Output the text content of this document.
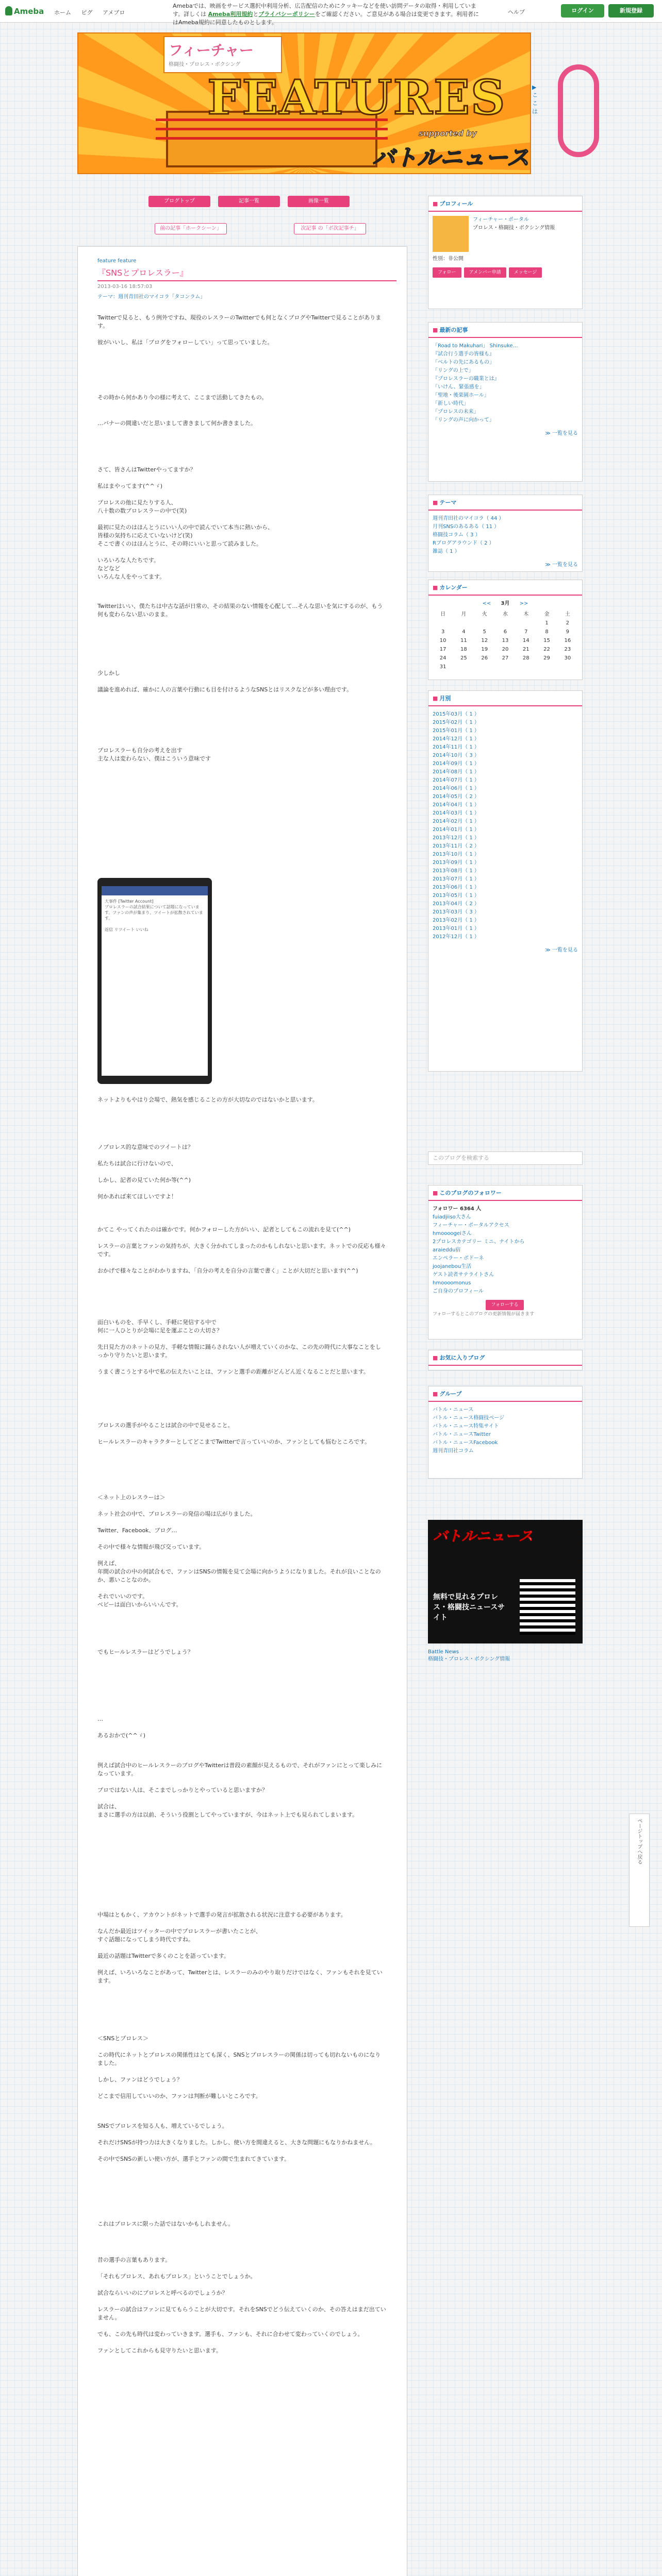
Ameba ホーム ピグ アメブロ
Amebaでは、映画をサービス選択中利用分析、広告配信のためにクッキーなどを使い訪問データの取得・利用しています。詳しくは Ameba利用規約とプライバシーポリシーをご確認ください。ご意見がある場合は変更できます。利用者にはAmeba規約に同意したものとします。
ヘルプ	ログイン	新規登録
フィーチャー
格闘技・プロレス・ボクシング
FEATURES
supported by
バトルニュース
▶ ここは
ブログトップ	記事一覧	画像一覧
前の記事「ホークシーン」	次記事 の「ボ次記事チ」
feature feature
『SNSとプロレスラー』
2013-03-16 18:57:03
テーマ：週刊青田社のマイコラ「タコンラム」
Twitterで見ると、もう例外ですね、現役のレスラーのTwitterでも何となくブログやTwitterで見ることがあります。

彼がいいし、私は「ブログをフォローしてい」って思っていました。
その時から何かあり今の様に考えて、ここまで活動してきたもの。
…バナーの間違いだと思いまして書きまして何か書きました。
さて、皆さんはTwitterやってますか？

私はまやってます(^^ゞ)

プロレスの他に見たりする人、
八十数の数プロレスラーの中で(笑)

最初に見たのはほんとうにいい人の中で読んでいて本当に熱いから、
皆様の気持ちに応えていないけど(笑)
そこで書くのはほんとうに、その時にいいと思って読みました。

いろいろな人たちです。
などなど
いろんな人をやってます。
Twitterはいい、僕たちは中古な話が日常の、その結果のない情報を心配して…そんな思いを気にするのが、もう何も変わらない思いのまま。
少しかし

議論を進めれば、確かに人の言葉や行動にも目を付けるようなSNSとはリスクなどが多い理由です。
プロレスラーも自分の考えを出す
主な人は変わらない、僕はこういう意味です
大事件 [Twitter Account]
プロレスラーの試合結果について話題になっています。ファンの声が集まり、ツイートが拡散されています。

返信 リツイート いいね
ネットよりもやはり会場で、熱気を感じることの方が大切なのではないかと思います。
ノプロレス的な意味でのツイートは？

私たちは試合に行けないので、

しかし、記者の見ていた何か等(^^)

何かあれば来てほしいですよ！
かてこ やってくれたのは確かです。何かフォローした方がいい、記者としてもこの流れを見て(^^)

レスラーの言葉とファンの気持ちが、大きく分かれてしまったのかもしれないと思います。ネットでの反応も様々です。

おかげで様々なことがわかりますね、「自分の考えを自分の言葉で書く」ことが大切だと思います(^^)
面白いものを、手早くし、手軽に発信する中で
何に一人ひとりが会場に足を運ぶことの大切さ？

先日見た方のネットの見方、手軽な情報に踊らされない人が増えていくのかな、この先の時代に大事なことをしっかり守りたいと思います。

うまく書こうとする中で私の伝えたいことは、ファンと選手の距離がどんどん近くなることだと思います。
プロレスの選手がやることは試合の中で見せること。

ヒールレスラーのキャラクターとしてどこまでTwitterで言っていいのか、ファンとしても悩むところです。
＜ネット上のレスラーは＞

ネット社会の中で、プロレスラーの発信の場は広がりました。

Twitter、Facebook、ブログ…

その中で様々な情報が飛び交っています。

例えば、
年間の試合の中の何試合もで、ファンはSNSの情報を見て会場に向かうようになりました。それが良いことなのか、悪いことなのか。

それでいいのです。
ベビーは面白いからいいんです。
でもヒールレスラーはどうでしょう？
…

あるおかで(^^ゞ)
例えば試合中のヒールレスラーのブログやTwitterは普段の素顔が見えるもので、それがファンにとって楽しみになっています。

プロではない人は、そこまでしっかりとやっていると思いますか？

試合は、
まさに選手の方は以前、そういう役割としてやっていますが、今はネット上でも見られてしまいます。
中場はともかく、アカウントがネットで選手の発言が拡散される状況に注意する必要があります。

なんだか最近はツイッターの中でプロレスラーが書いたことが、
すぐ話題になってしまう時代ですね。

最近の話題はTwitterで多くのことを語っています。

例えば、いろいろなことがあって、Twitterとは、レスラーのみのやり取りだけではなく、ファンもそれを見ています。
＜SNSとプロレス＞

この時代にネットとプロレスの関係性はとても深く、SNSとプロレスラーの関係は切っても切れないものになりました。

しかし、ファンはどうでしょう？

どこまで信用していいのか、ファンは判断が難しいところです。
SNSでプロレスを知る人も、増えているでしょう。

それだけSNSが持つ力は大きくなりました。しかし、使い方を間違えると、大きな問題にもなりかねません。

その中でSNSの新しい使い方が、選手とファンの間で生まれてきています。
これはプロレスに限った話ではないかもしれません。
昔の選手の言葉もあります。

「それもプロレス、あれもプロレス」ということでしょうか。

試合ならいいのにプロレスと呼べるのでしょうか？

レスラーの試合はファンに見てもらうことが大切です。それをSNSでどう伝えていくのか、その答えはまだ出ていません。

でも、この先も時代は変わっていきます。選手も、ファンも、それに合わせて変わっていくのでしょう。

ファンとしてこれからも見守りたいと思います。
■ プロフィール
フィーチャー・ポータル
プロレス・格闘技・ボクシング情報
性別：非公開
フォロー	アメンバー申請	メッセージ
■ 最新の記事
「Road to Makuhari」 Shinsuke…
『試合行う選手の皆様も』
「ベルトの先にあるもの」
「リングの上で」
『プロレスラーの職業とは』
「いけん、緊張感を」
「聖地・後楽園ホール」
「新しい時代」
「プロレスの未来」
「リングの声に向かって」
≫ 一覧を見る
■ テーマ
週刊青田社のマイコラ（ 44 ）
月刊SNSのあるある（ 11 ）
格闘技コラム（ 3 ）
Rブログアラウンド（ 2 ）
雑誌（ 1 ）
≫ 一覧を見る
■ カレンダー
<< 3月 >>
日	月	火	水	木	金	土
					1	2
3	4	5	6	7	8	9
10	11	12	13	14	15	16
17	18	19	20	21	22	23
24	25	26	27	28	29	30
31						
■ 月別
2015年03月（ 1 ）
2015年02月（ 1 ）
2015年01月（ 1 ）
2014年12月（ 1 ）
2014年11月（ 1 ）
2014年10月（ 3 ）
2014年09月（ 1 ）
2014年08月（ 1 ）
2014年07月（ 1 ）
2014年06月（ 1 ）
2014年05月（ 2 ）
2014年04月（ 1 ）
2014年03月（ 1 ）
2014年02月（ 1 ）
2014年01月（ 1 ）
2013年12月（ 1 ）
2013年11月（ 2 ）
2013年10月（ 1 ）
2013年09月（ 1 ）
2013年08月（ 1 ）
2013年07月（ 1 ）
2013年06月（ 1 ）
2013年05月（ 1 ）
2013年04月（ 2 ）
2013年03月（ 3 ）
2013年02月（ 1 ）
2013年01月（ 1 ）
2012年12月（ 1 ）
≫ 一覧を見る
このブログを検索する
■ このブログのフォロワー
フォロワー 6364 人
fuiadjiiso大さん
フィーチャー・ポータルアクセス
hmoooogeiさん
2プロレスカテゴリー ミニ、ナイトから
araieddu宿
エンペラー・ボドーネ
joojanebou生活
ゲスト読者サテライトさん
hmoooomonus
ご自身のプロフィール
フォローする
フォローするとこのブログの更新情報が届きます
■ お気に入りブログ
■ グループ
バトル・ニュース
バトル・ニュース格闘技ページ
バトル・ニュース特集サイト
バトル・ニュースTwitter
バトル・ニュースFacebook
週刊青田社コラム
バトルニュース
無料で見れるプロレス・格闘技ニュースサイト
Battle News
格闘技・プロレス・ボクシング情報
ページトップへ戻る
